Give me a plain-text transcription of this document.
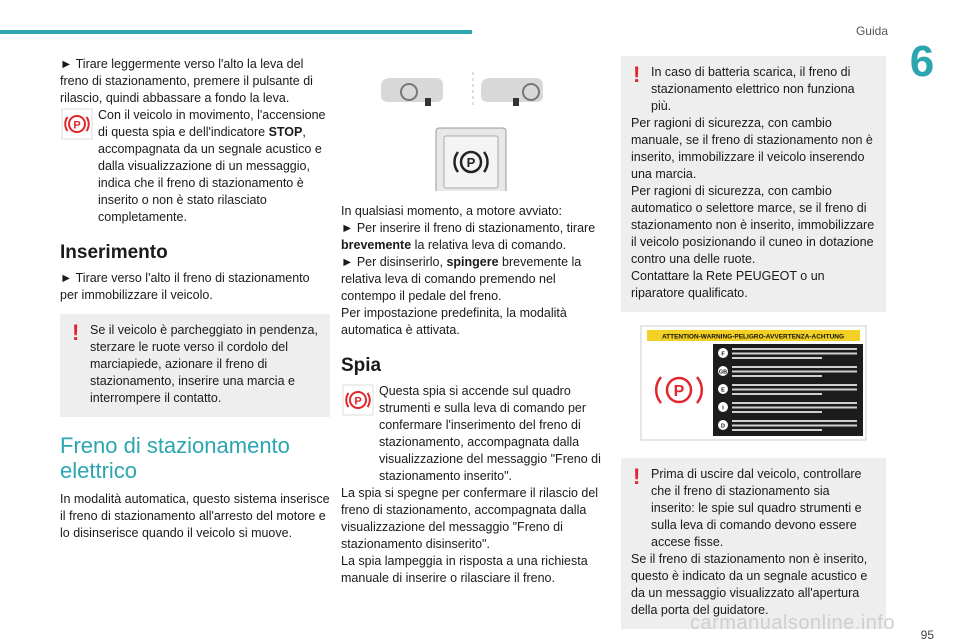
Guida
6

► Tirare leggermente verso l'alto la leva del freno di stazionamento, premere il pulsante di rilascio, quindi abbassare a fondo la leva.

P
Con il veicolo in movimento, l'accensione di questa spia e dell'indicatore STOP, accompagnata da un segnale acustico e dalla visualizzazione di un messaggio, indica che il freno di stazionamento è inserito o non è stato rilasciato completamente.
Inserimento

► Tirare verso l'alto il freno di stazionamento per immobilizzare il veicolo.

! Se il veicolo è parcheggiato in pendenza,

sterzare le ruote verso il cordolo del marciapiede, azionare il freno di stazionamento, inserire una marcia e interrompere il contatto.

Freno di stazionamento elettrico

In modalità automatica, questo sistema inserisce il freno di stazionamento all'arresto del motore e lo disinserisce quando il veicolo si muove.

P

In qualsiasi momento, a motore avviato:

► Per inserire il freno di stazionamento, tirare brevemente la relativa leva di comando.

► Per disinserirlo, spingere brevemente la relativa leva di comando premendo nel contempo il pedale del freno.

Per impostazione predefinita, la modalità automatica è attivata.

Spia
P
Questa spia si accende sul quadro strumenti e sulla leva di comando per confermare l'inserimento del freno di stazionamento, accompagnata dalla visualizzazione del messaggio "Freno di stazionamento inserito".

La spia si spegne per confermare il rilascio del freno di stazionamento, accompagnata dalla visualizzazione del messaggio "Freno di stazionamento disinserito".

La spia lampeggia in risposta a una richiesta manuale di inserire o rilasciare il freno.

! In caso di batteria scarica, il freno di

stazionamento elettrico non funziona più.

Per ragioni di sicurezza, con cambio manuale, se il freno di stazionamento non è inserito, immobilizzare il veicolo inserendo una marcia.

Per ragioni di sicurezza, con cambio automatico o selettore marce, se il freno di stazionamento non è inserito, immobilizzare il veicolo posizionando il cuneo in dotazione contro una delle ruote.

Contattare la Rete PEUGEOT o un riparatore qualificato.

ATTENTION-WARNING-PELIGRO-AVVERTENZA-ACHTUNG
P
F
GB
E
I
D
! Prima di uscire dal veicolo, controllare

che il freno di stazionamento sia inserito: le spie sul quadro strumenti e sulla leva di comando devono essere accese fisse.

Se il freno di stazionamento non è inserito, questo è indicato da un segnale acustico e da un messaggio visualizzato all'apertura della porta del guidatore.

carmanualsonline.info
95
